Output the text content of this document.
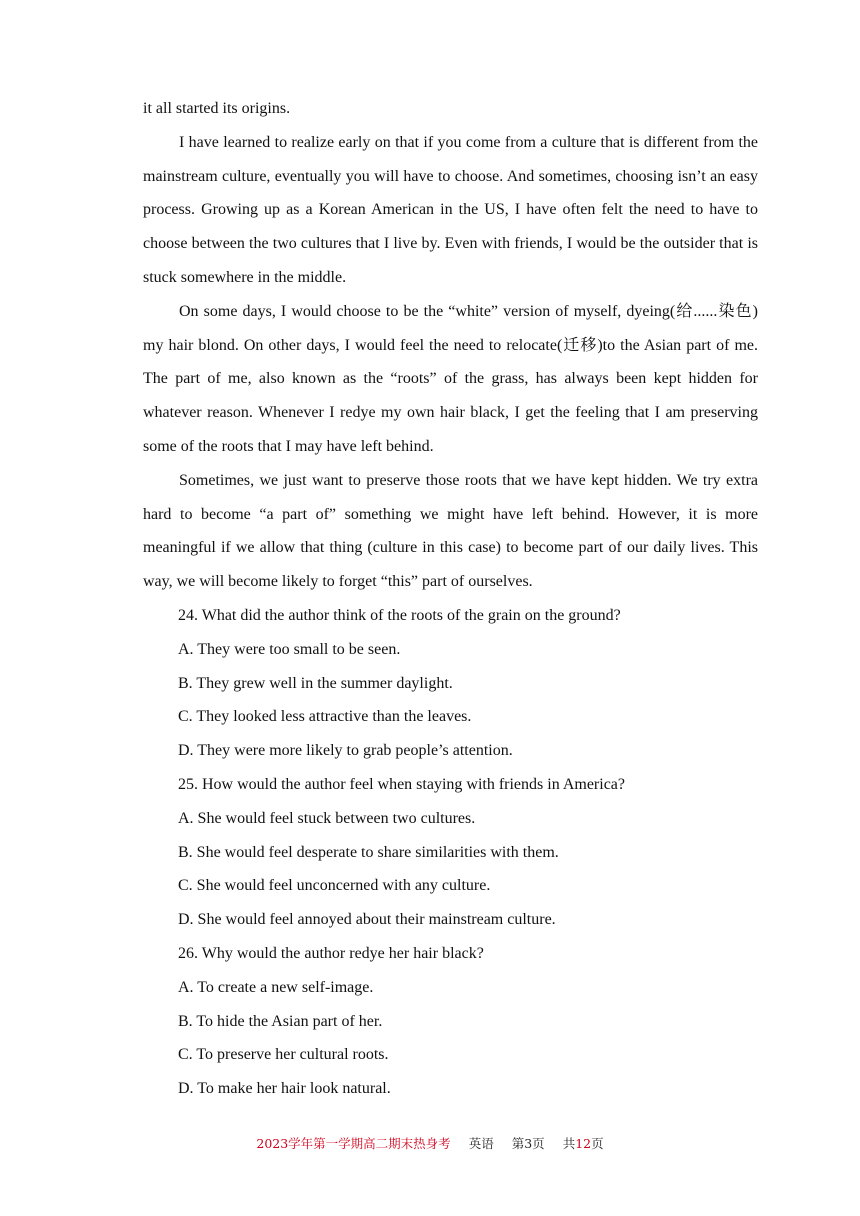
it all started its origins.

I have learned to realize early on that if you come from a culture that is different from the mainstream culture, eventually you will have to choose. And sometimes, choosing isn’t an easy process. Growing up as a Korean American in the US, I have often felt the need to have to choose between the two cultures that I live by. Even with friends, I would be the outsider that is stuck somewhere in the middle.

On some days, I would choose to be the “white” version of myself, dyeing(给......染色) my hair blond. On other days, I would feel the need to relocate(迁移)to the Asian part of me. The part of me, also known as the “roots” of the grass, has always been kept hidden for whatever reason. Whenever I redye my own hair black, I get the feeling that I am preserving some of the roots that I may have left behind.

Sometimes, we just want to preserve those roots that we have kept hidden. We try extra hard to become “a part of” something we might have left behind. However, it is more meaningful if we allow that thing (culture in this case) to become part of our daily lives. This way, we will become likely to forget “this” part of ourselves.

24. What did the author think of the roots of the grain on the ground?

A. They were too small to be seen.

B. They grew well in the summer daylight.

C. They looked less attractive than the leaves.

D. They were more likely to grab people’s attention.

25. How would the author feel when staying with friends in America?

A. She would feel stuck between two cultures.

B. She would feel desperate to share similarities with them.

C. She would feel unconcerned with any culture.

D. She would feel annoyed about their mainstream culture.

26. Why would the author redye her hair black?

A. To create a new self-image.

B. To hide the Asian part of her.

C. To preserve her cultural roots.

D. To make her hair look natural.

2023学年第一学期高二期末热身考 英语 第3页 共12页
